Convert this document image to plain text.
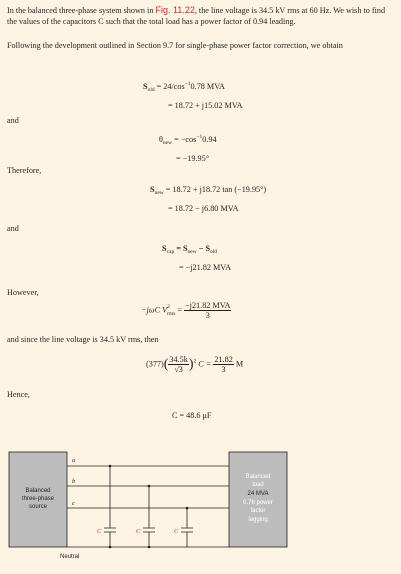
In the balanced three-phase system shown in Fig. 11.22, the line voltage is 34.5 kV rms at 60 Hz. We wish to find the values of the capacitors C such that the total load has a power factor of 0.94 leading.
Following the development outlined in Section 9.7 for single-phase power factor correction, we obtain
$S_{old} = 24/\cos^{-1}0.78$ MVA
= 18.72 + j15.02 MVA
and
$\theta_{new} = -\cos^{-1}0.94$
= −19.95°
Therefore,
$S_{new} = 18.72 + j18.72$ tan (−19.95°)
= 18.72 − j6.80 MVA
and
$S_{cap} = S_{new} - S_{old}$
= −j21.82 MVA
However,
−jωC V 2
rms = $\frac{\text{−j21.82 MVA}}{3}$
and since the line voltage is 34.5 kV rms, then
$(377)( \frac{34.5k}{√3} )^2$ $C = \frac{21.82}{3}$ M
Hence,
C = 48.6 μF
Balanced
three-phase
source
Balanced
load
24 MVA
0.78 power
factor
lagging
a
b
c
C	C	C
Neutral
